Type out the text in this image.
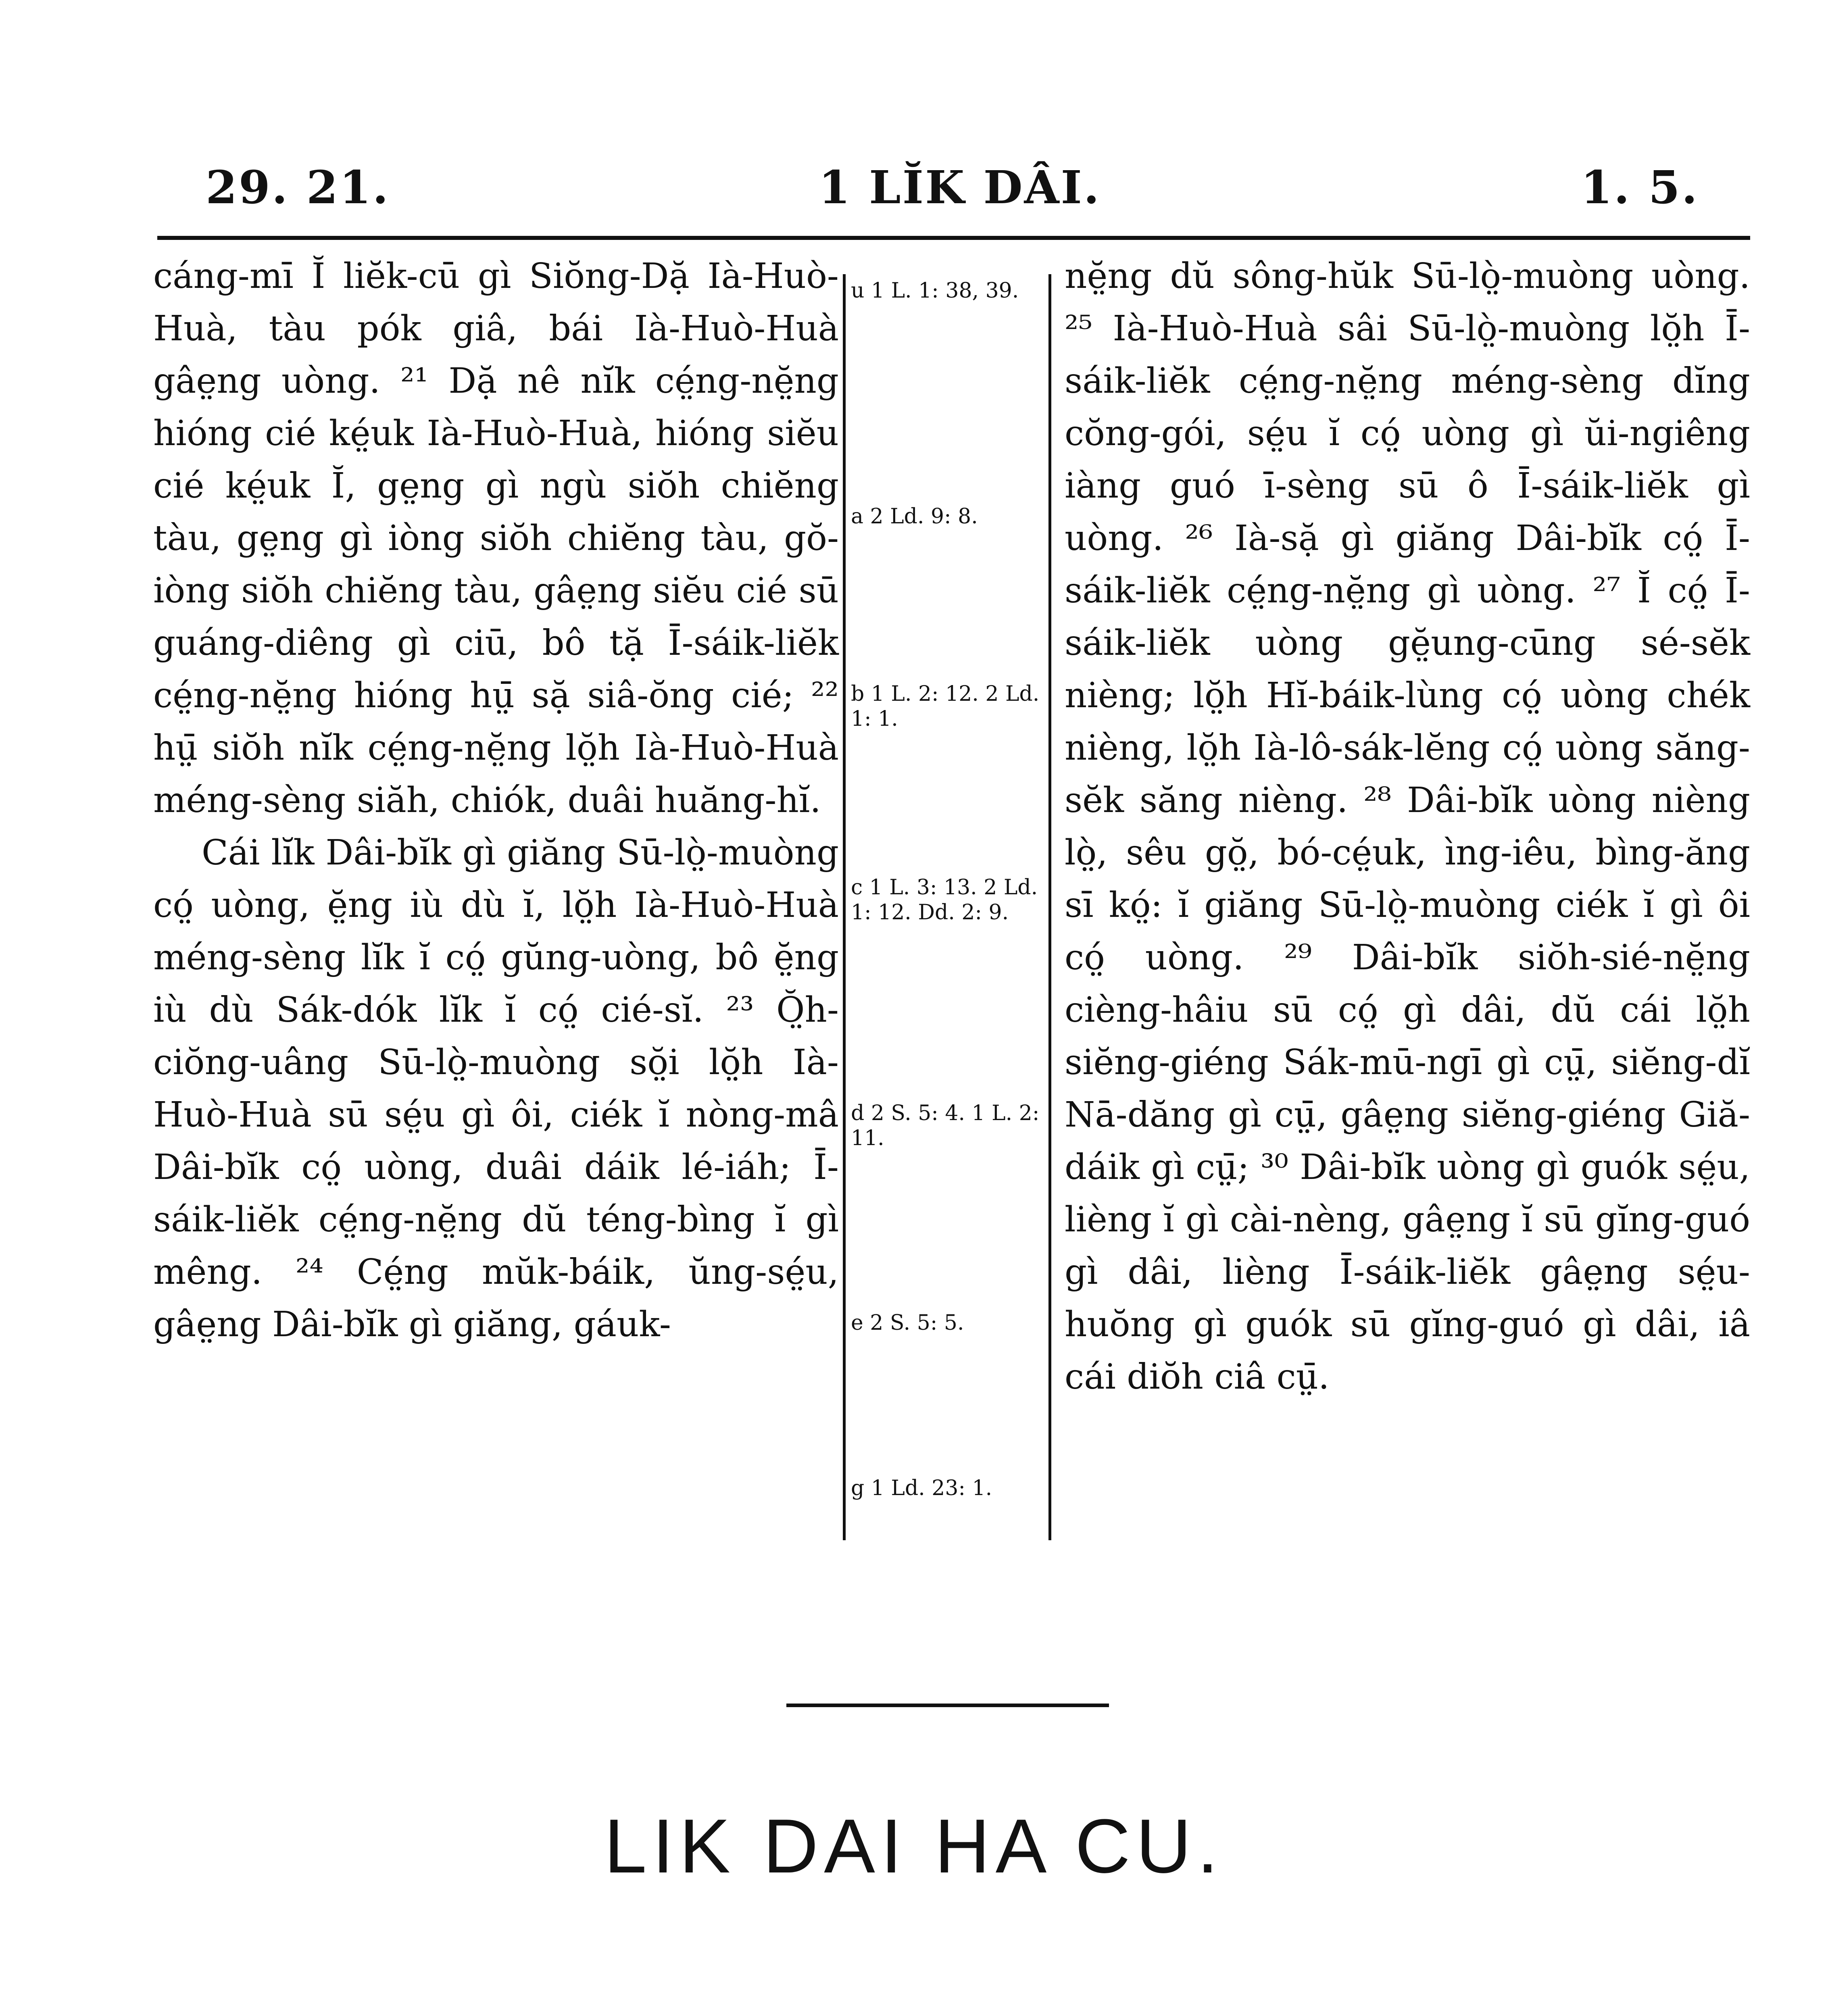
29. 21.	1 LĬK DÂI.	1. 5.

cáng-mī Ĭ liĕk-cū gì Siŏng-Dặ Ià-Huò-Huà, tàu pók giâ, bái Ià-Huò-Huà gâe̤ng uòng. ²¹ Dặ nê nĭk cé̤ng-nĕ̤ng hióng cié ké̤uk Ià-Huò-Huà, hióng siĕu cié ké̤uk Ĭ, ge̤ng gì ngù siŏh chiĕng tàu, ge̤ng gì iòng siŏh chiĕng tàu, gŏ-iòng siŏh chiĕng tàu, gâe̤ng siĕu cié sū guáng-diêng gì ciū, bô tặ Ī-sáik-liĕk cé̤ng-nĕ̤ng hióng hṳ̄ sặ siâ-ŏng cié; ²² hṳ̄ siŏh nĭk cé̤ng-nĕ̤ng lŏ̤h Ià-Huò-Huà méng-sèng siăh, chiók, duâi huăng-hĭ.

Cái lĭk Dâi-bĭk gì giăng Sū-lò̤-muòng có̤ uòng, ĕ̤ng iù dù ĭ, lŏ̤h Ià-Huò-Huà méng-sèng lĭk ĭ có̤ gŭng-uòng, bô ĕ̤ng iù dù Sák-dók lĭk ĭ có̤ cié-sĭ. ²³ Ŏ̤h-ciŏng-uâng Sū-lò̤-muòng sŏ̤i lŏ̤h Ià-Huò-Huà sū sé̤u gì ôi, ciék ĭ nòng-mâ Dâi-bĭk có̤ uòng, duâi dáik lé-iáh; Ī-sáik-liĕk cé̤ng-nĕ̤ng dŭ téng-bìng ĭ gì mêng. ²⁴ Cé̤ng mŭk-báik, ŭng-sé̤u, gâe̤ng Dâi-bĭk gì giăng, gáuk-

u 1 L. 1: 38, 39.
a 2 Ld. 9: 8.
b 1 L. 2: 12. 2 Ld. 1: 1.
c 1 L. 3: 13. 2 Ld. 1: 12. Dd. 2: 9.
d 2 S. 5: 4. 1 L. 2: 11.
e 2 S. 5: 5.
g 1 Ld. 23: 1.

nĕ̤ng dŭ sông-hŭk Sū-lò̤-muòng uòng. ²⁵ Ià-Huò-Huà sâi Sū-lò̤-muòng lŏ̤h Ī-sáik-liĕk cé̤ng-nĕ̤ng méng-sèng dĭng cŏng-gói, sé̤u ĭ có̤ uòng gì ŭi-ngiêng iàng guó ī-sèng sū ô Ī-sáik-liĕk gì uòng. ²⁶ Ià-sặ gì giăng Dâi-bĭk có̤ Ī-sáik-liĕk cé̤ng-nĕ̤ng gì uòng. ²⁷ Ĭ có̤ Ī-sáik-liĕk uòng gĕ̤ung-cūng sé-sĕk nièng; lŏ̤h Hĭ-báik-lùng có̤ uòng chék nièng, lŏ̤h Ià-lô-sák-lĕng có̤ uòng săng-sĕk săng nièng. ²⁸ Dâi-bĭk uòng nièng lò̤, sêu gŏ̤, bó-cé̤uk, ìng-iêu, bìng-ăng sī kó̤: ĭ giăng Sū-lò̤-muòng ciék ĭ gì ôi có̤ uòng. ²⁹ Dâi-bĭk siŏh-sié-nĕ̤ng cièng-hâiu sū có̤ gì dâi, dŭ cái lŏ̤h siĕng-giéng Sák-mū-ngī gì cṳ̄, siĕng-dĭ Nā-dăng gì cṳ̄, gâe̤ng siĕng-giéng Giă-dáik gì cṳ̄; ³⁰ Dâi-bĭk uòng gì guók sé̤u, lièng ĭ gì cài-nèng, gâe̤ng ĭ sū gĭng-guó gì dâi, lièng Ī-sáik-liĕk gâe̤ng sé̤u-huŏng gì guók sū gĭng-guó gì dâi, iâ cái diŏh ciâ cṳ̄.

LIK DAI HA CU.
